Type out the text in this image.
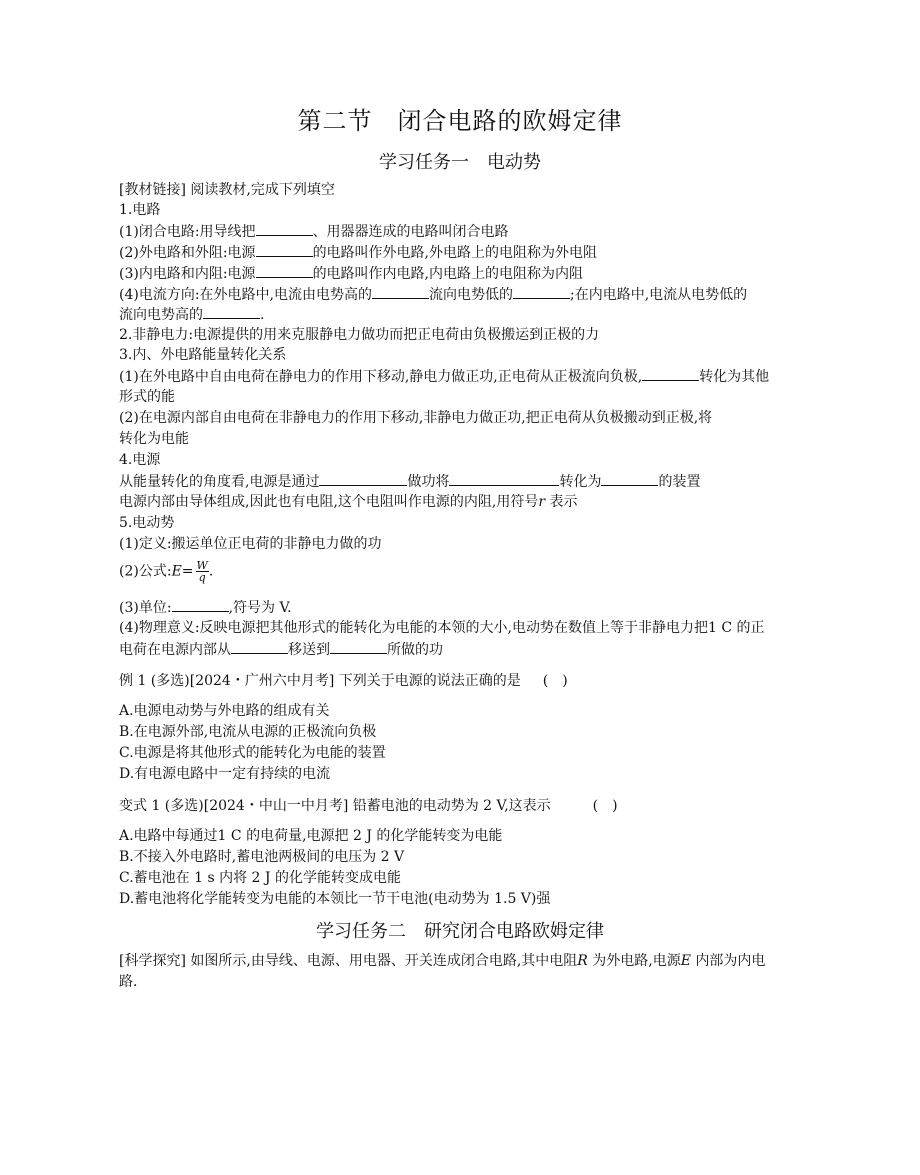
第二节　闭合电路的欧姆定律
学习任务一　电动势
[教材链接] 阅读教材,完成下列填空
1.电路
(1)闭合电路:用导线把	、用器器连成的电路叫闭合电路
(2)外电路和外阻:电源	的电路叫作外电路,外电路上的电阻称为外电阻
(3)内电路和内阻:电源	的电路叫作内电路,内电路上的电阻称为内阻
(4)电流方向:在外电路中,电流由电势高的	流向电势低的	;在内电路中,电流从电势低的
流向电势高的	.
2.非静电力:电源提供的用来克服静电力做功而把正电荷由负极搬运到正极的力
3.内、外电路能量转化关系
(1)在外电路中自由电荷在静电力的作用下移动,静电力做正功,正电荷从正极流向负极,	转化为其他
形式的能
(2)在电源内部自由电荷在非静电力的作用下移动,非静电力做正功,把正电荷从负极搬动到正极,将
转化为电能
4.电源
从能量转化的角度看,电源是通过	做功将	转化为	的装置
电源内部由导体组成,因此也有电阻,这个电阻叫作电源的内阻,用符号r 表示
5.电动势
(1)定义:搬运单位正电荷的非静电力做的功
(2)公式:E= $\frac{W}{q}$ .
(3)单位:	,符号为 V.
(4)物理意义:反映电源把其他形式的能转化为电能的本领的大小,电动势在数值上等于非静电力把1 C 的正
电荷在电源内部从	移送到	所做的功
例 1 (多选)[2024・广州六中月考] 下列关于电源的说法正确的是 (　)
A.电源电动势与外电路的组成有关
B.在电源外部,电流从电源的正极流向负极
C.电源是将其他形式的能转化为电能的装置
D.有电源电路中一定有持续的电流
变式 1 (多选)[2024・中山一中月考] 铅蓄电池的电动势为 2 V,这表示	(　)
A.电路中每通过1 C 的电荷量,电源把 2 J 的化学能转变为电能
B.不接入外电路时,蓄电池两极间的电压为 2 V
C.蓄电池在 1 s 内将 2 J 的化学能转变成电能
D.蓄电池将化学能转变为电能的本领比一节干电池(电动势为 1.5 V)强
学习任务二　研究闭合电路欧姆定律
[科学探究] 如图所示,由导线、电源、用电器、开关连成闭合电路,其中电阻R 为外电路,电源E 内部为内电
路.
